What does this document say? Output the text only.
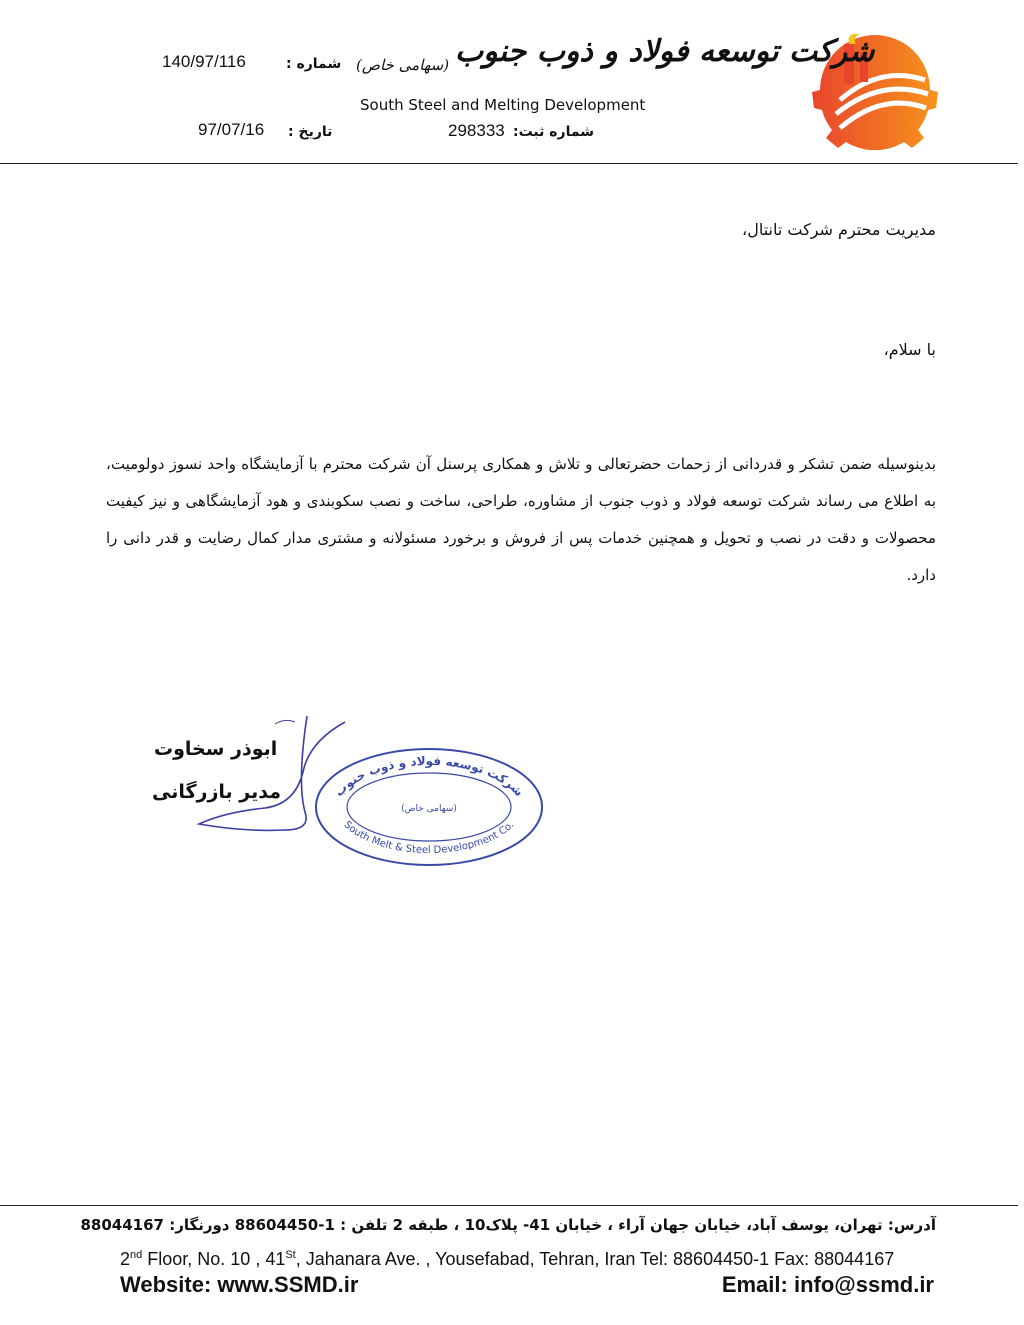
شرکت توسعه فولاد و ذوب جنوب
(سهامی خاص)
شماره :
140/97/116
South Steel and Melting Development
تاریخ :
97/07/16	298333 شماره ثبت:
مدیریت محترم شرکت تانتال،
با سلام،
بدینوسیله ضمن تشکر و قدردانی از زحمات حضرتعالی و تلاش و همکاری پرسنل آن شرکت محترم با آزمایشگاه واحد نسوز دولومیت، به اطلاع می رساند شرکت توسعه فولاد و ذوب جنوب از مشاوره، طراحی، ساخت و نصب سکوبندی و هود آزمایشگاهی و نیز کیفیت محصولات و دقت در نصب و تحویل و همچنین خدمات پس از فروش و برخورد مسئولانه و مشتری مدار کمال رضایت و قدر دانی را دارد.
ابوذر سخاوت
مدیر بازرگانی	شرکت توسعه فولاد و ذوب جنوب
South Melt & Steel Development Co.
(سهامی خاص)
آدرس: تهران، یوسف آباد، خیابان جهان آراء ، خیابان 41- پلاک10 ، طبقه 2 تلفن : 1-88604450 دورنگار: 88044167
2nd Floor, No. 10 , 41St, Jahanara Ave. , Yousefabad, Tehran, Iran Tel: 88604450-1 Fax: 88044167
Website: www.SSMD.ir	Email: info@ssmd.ir
